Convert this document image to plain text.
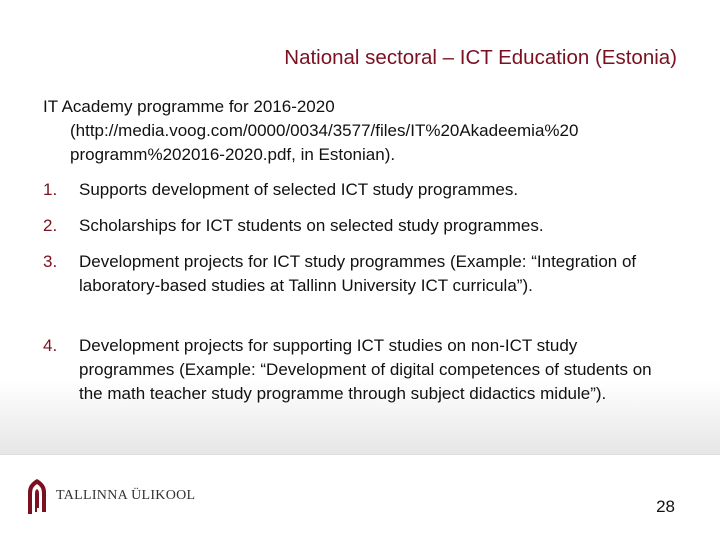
National sectoral – ICT Education (Estonia)
IT Academy programme for 2016-2020
(http://media.voog.com/0000/0034/3577/files/IT%20Akadeemia%20
programm%202016-2020.pdf, in Estonian).
1. Supports development of selected ICT study programmes.
2. Scholarships for ICT students on selected study programmes.
3. Development projects for ICT study programmes (Example: “Integration of laboratory-based studies at Tallinn University ICT curricula”).
4. Development projects for supporting ICT studies on non-ICT study programmes (Example: “Development of digital competences of students on the math teacher study programme through subject didactics midule”).
TALLINNA ÜLIKOOL
28
